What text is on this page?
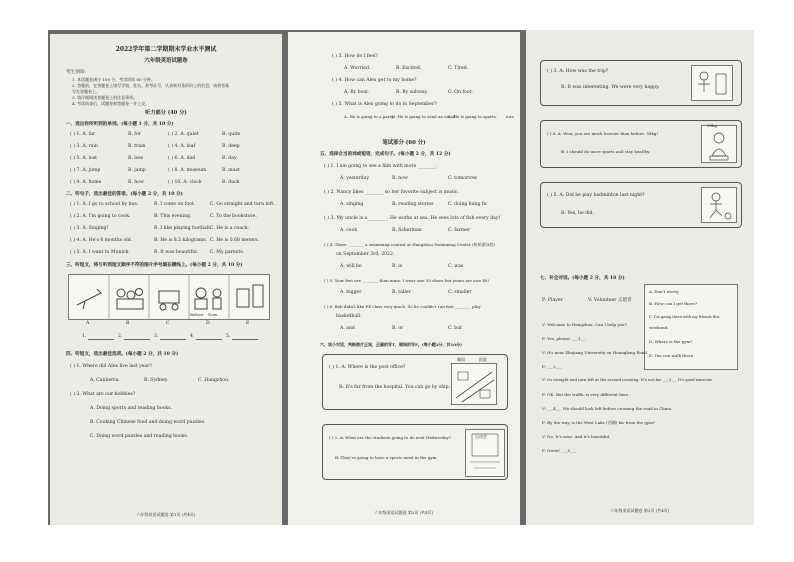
2022学年第二学期期末学业水平测试
六年级英语试题卷
考生须知:
1. 本试题卷满分 100 分，考试时间 60 分钟。
2. 答题前，在答题卷上填写学校、姓名、准考证号，认真核对条形码上的信息，请将答案
写在答题卷上。
3. 请仔细阅读答题卷上的注意事项。
4. 考试结束后，试题卷和答题卷一并上交。
听力部分 (40 分)
一、选出你所听到的单词。(每小题 1 分，共 10 分)
( ) 1. A. far	B. for	( ) 2. A. quiet	B. quite
( ) 3. A. rain	B. train	( ) 4. A. leaf	B. deep
( ) 5. A. lost	B. loss	( ) 6. A. dad	B. day
( ) 7. A. jump	B. jamp	( ) 8. A. museum	B. must
( ) 9. A. home	B. how	( ) 10. A. clock	B. duck
二、听句子，选出最佳的答语。(每小题 2 分，共 10 分)
( ) 1. A. I go to school by bus.	B. I come on foot.	C. Go straight and turn left.
( ) 2. A. I'm going to cook.	B. This evening.	C. To the bookstore.
( ) 3. A. Singing!	B. I like playing football.
C. He is a coach.
( ) 4. A. He's 6 months old.	B. He is 8.5 kilograms. C. He is 0.68 meters.
( ) 5. A. I want to Munich.	B. It was beautiful.	C. My parents.
三、听短文，将与听到短文顺序不符的图片序号填在横线上。(每小题 2 分，共 10 分)
Before Now
A	B	C	D	E
1.	2.	3.	4.	5.
四、听短文，选出最佳选项。(每小题 2 分，共 10 分)
( ) 1. Where did Alex live last year?
A. Canberra.	B. Sydney.	C. Hangzhou.
( ) 2. What are our hobbies?
A. Doing sports and reading books.
B. Cooking Chinese food and doing word puzzles.
C. Doing word puzzles and reading books.
六年级英语试题卷 第1页 (共4页)
( ) 3. How do I feel?
A. Worried.	B. Excited.	C. Tired.
( ) 4. How can Alex get to my home?
A. By boat.	B. By subway.	C. On foot.
( ) 5. What is Alex going to do in September?
A. He is going to a party.
B. He is going to send an email.
C. He is going to sports. iors
笔试部分 (60 分)
五、选择合当的词或短语，完成句子。(每小题 2 分，共 12 分)
( ) 1. I am going to see a film with more ________.
A. yesterday	B. now	C. tomorrow
( ) 2. Nancy likes ________ so her favorite subject is music.
A. singing	B. reading stories	C. doing kung fu
( ) 3. My uncle is a ________. He works at sea. He sees lots of fish every day!
A. cook	B. fisherman	C. farmer
( ) 4. There ________ a swimming contest at Hangzhou Swimming Center (杭州游泳馆)
on September 3rd, 2022.
A. will be	B. is	C. was
( ) 5. Your feet are ________ than mine. I wear size 35 shoes but yours are size 40!
A. bigger	B. taller	C. smaller
( ) 6. Bob didn't like PE class very much. So he couldn't run fast ________ play
basketball.
A. and	B. or	C. but
六、读小对话，判断图片正误，正确的写T，错误的写F。(每小题2分，共10分)
( ) 1. A: Where is the post office?
B: It's far from the hospital. You can go by ship.
邮局	医院
( ) 2. A: What are the students going to do next Wednesday?
B: They're going to have a sports meet in the gym.
运动会
六年级英语试题卷 第2页 (共4页)
( ) 3. A: How was the trip?
B: It was interesting. We were very happy.
( ) 4. A: Wow, you are much heavier than before. 58kg!
B: I should do more sports and stay healthy.
58kg
( ) 5. A: Did he play badminton last night?
B: Yes, he did.
七、补全对话。(每小题 2 分，共 10 分)
P: Player	V: Volunteer 志愿者
A. Don't worry.
B. How can I get there?
C. I'm going there with my friends this
weekend.
D. Where is the gym?
E. You can walk there.
V: Welcome to Hangzhou. Can I help you?
P: Yes, please. ___1___
V: It's near Zhejiang University on Huanglong Road.
P: ___2___
V: Go straight and turn left at the second crossing. It's not far. ___3___ It's good exercise.
P: OK. But the traffic is very different here.
V: ___4___ We should look left before crossing the road in China.
P: By the way, is the West Lake (西湖) far from the gym?
V: No. It's near. And it's beautiful.
P: Great! ___5___
六年级英语试题卷 第3页 (共4页)
